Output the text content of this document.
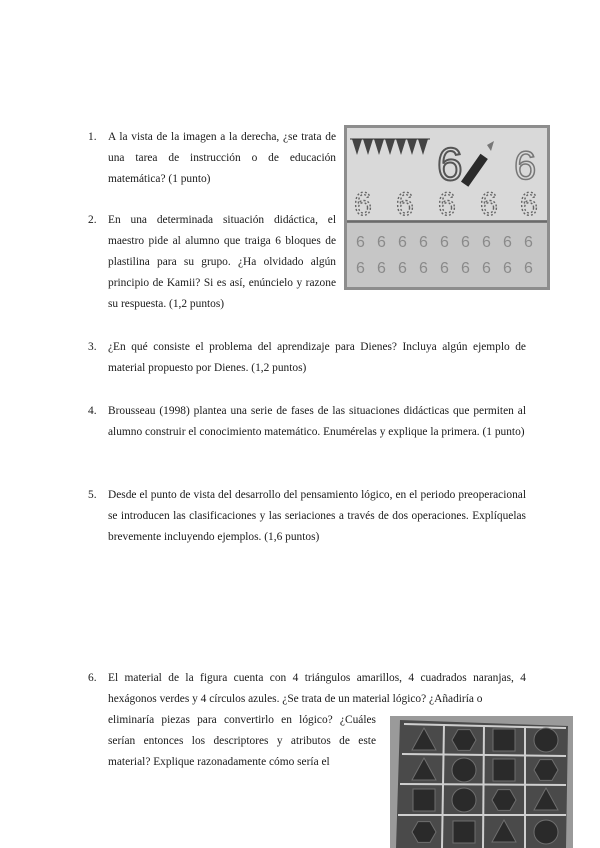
1. A la vista de la imagen a la derecha, ¿se trata de una tarea de instrucción o de educación matemática? (1 punto)

2. En una determinada situación didáctica, el maestro pide al alumno que traiga 6 bloques de plastilina para su grupo. ¿Ha olvidado algún principio de Kamii? Si es así, enúncielo y razone su respuesta. (1,2 puntos)

3. ¿En qué consiste el problema del aprendizaje para Dienes? Incluya algún ejemplo de material propuesto por Dienes. (1,2 puntos)

4. Brousseau (1998) plantea una serie de fases de las situaciones didácticas que permiten al alumno construir el conocimiento matemático. Enumérelas y explique la primera. (1 punto)

5. Desde el punto de vista del desarrollo del pensamiento lógico, en el periodo preoperacional se introducen las clasificaciones y las seriaciones a través de dos operaciones. Explíquelas brevemente incluyendo ejemplos. (1,6 puntos)

6. El material de la figura cuenta con 4 triángulos amarillos, 4 cuadrados naranjas, 4 hexágonos verdes y 4 círculos azules. ¿Se trata de un material lógico? ¿Añadiría o

eliminaría piezas para convertirlo en lógico? ¿Cuáles serían entonces los descriptores y atributos de este material? Explique razonadamente cómo sería el

6 6
6 6 6 6 6
6 6 6 6 6 6 6 6 6
6 6 6 6 6 6 6 6 6
